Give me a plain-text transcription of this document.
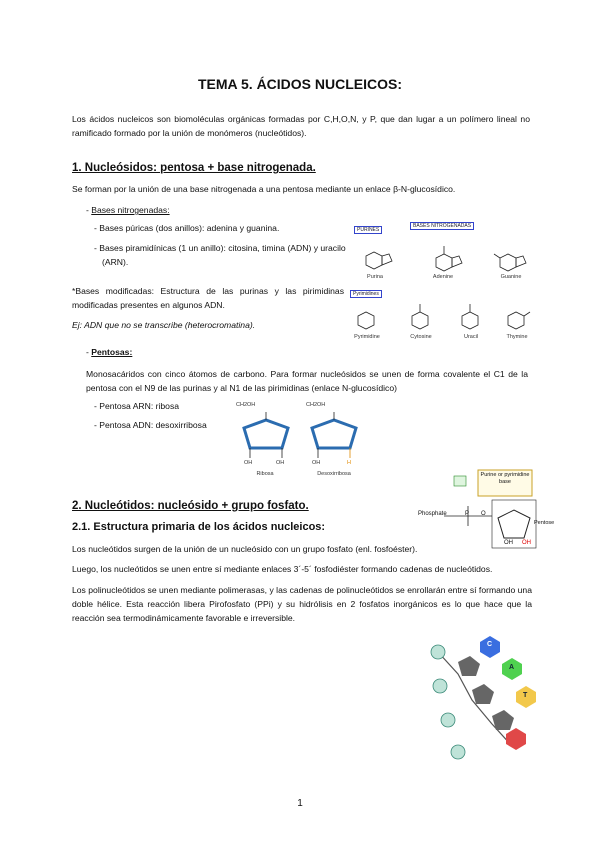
TEMA 5. ÁCIDOS NUCLEICOS:

Los ácidos nucleicos son biomoléculas orgánicas formadas por C,H,O,N, y P, que dan lugar a un polímero lineal no ramificado formado por la unión de monómeros (nucleótidos).

1. Nucleósidos: pentosa + base nitrogenada.

Se forman por la unión de una base nitrogenada a una pentosa mediante un enlace β-N-glucosídico.

- Bases nitrogenadas:

- Bases púricas (dos anillos): adenina y guanina.

- Bases piramidínicas (1 un anillo): citosina, timina (ADN) y uracilo (ARN).

*Bases modificadas: Estructura de las purinas y las pirimidinas modificadas presentes en algunos ADN.

Ej: ADN que no se transcribe (heterocromatina).

PURINES
BASES NITROGENADAS
Purina	Adenine	Guanine
Pyrimidines
Pyrimidine	Cytosine	Uracil	Thymine

- Pentosas:

Monosacáridos con cinco átomos de carbono. Para formar nucleósidos se unen de forma covalente el C1 de la pentosa con el N9 de las purinas y al N1 de las pirimidinas (enlace N-glucosídico)

- Pentosa ARN: ribosa

- Pentosa ADN: desoxirribosa

CH2OH	CH2OH
OH	OH	OH	H
Ribosa	Desoxirribosa
2. Nucleótidos: nucleósido + grupo fosfato.
2.1. Estructura primaria de los ácidos nucleicos:
Phosphate	P O
Purine or pyrimidine base
Pentose
OH OH

Los nucleótidos surgen de la unión de un nucleósido con un grupo fosfato (enl. fosfoéster).

Luego, los nucleótidos se unen entre sí mediante enlaces 3´-5´ fosfodiéster formando cadenas de nucleótidos.

Los polinucleótidos se unen mediante polimerasas, y las cadenas de polinucleótidos se enrollarán entre sí formando una doble hélice. Esta reacción libera Pirofosfato (PPi) y su hidrólisis en 2 fosfatos inorgánicos es lo que hace que la reacción sea termodinámicamente favorable e irreversible.

C
A
T
1
